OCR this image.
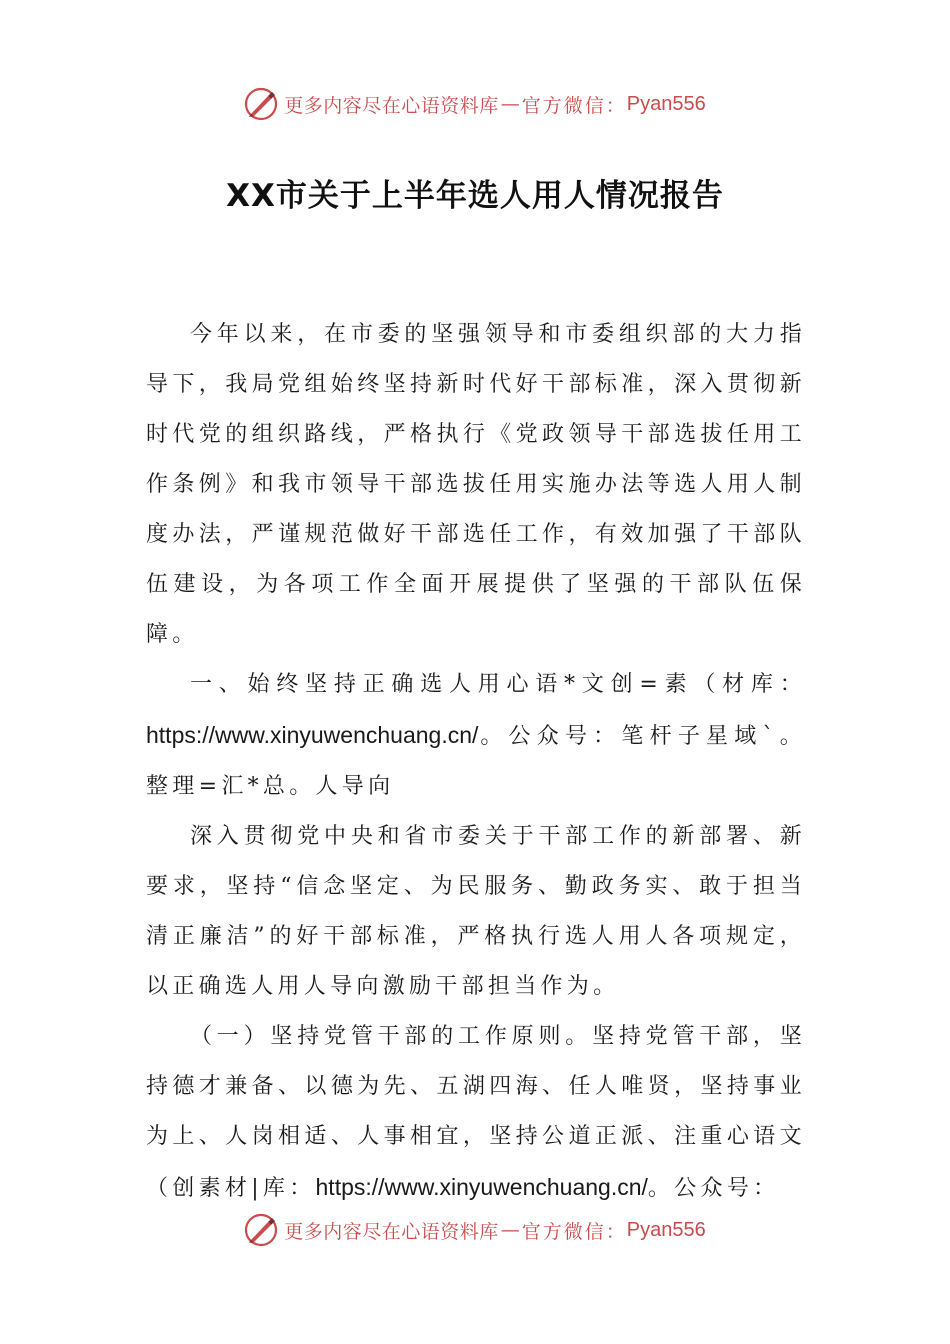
更多内容尽在心语资料库 — 官方微信： Pyan556
XX市关于上半年选人用人情况报告

今年以来，在市委的坚强领导和市委组织部的大力指导下，我局党组始终坚持新时代好干部标准，深入贯彻新时代党的组织路线，严格执行《党政领导干部选拔任用工作条例》和我市领导干部选拔任用实施办法等选人用人制度办法，严谨规范做好干部选任工作，有效加强了干部队伍建设，为各项工作全面开展提供了坚强的干部队伍保障。

一、始终坚持正确选人用心语*文创=素（材库：https://www.xinyuwenchuang.cn/。公众号：笔杆子星域`。整理=汇*总。人导向

深入贯彻党中央和省市委关于干部工作的新部署、新要求，坚持“信念坚定、为民服务、勤政务实、敢于担当清正廉洁”的好干部标准，严格执行选人用人各项规定，以正确选人用人导向激励干部担当作为。

（一）坚持党管干部的工作原则。坚持党管干部，坚持德才兼备、以德为先、五湖四海、任人唯贤，坚持事业为上、人岗相适、人事相宜，坚持公道正派、注重心语文（创素材|库：https://www.xinyuwenchuang.cn/。公众号：

更多内容尽在心语资料库 — 官方微信： Pyan556
